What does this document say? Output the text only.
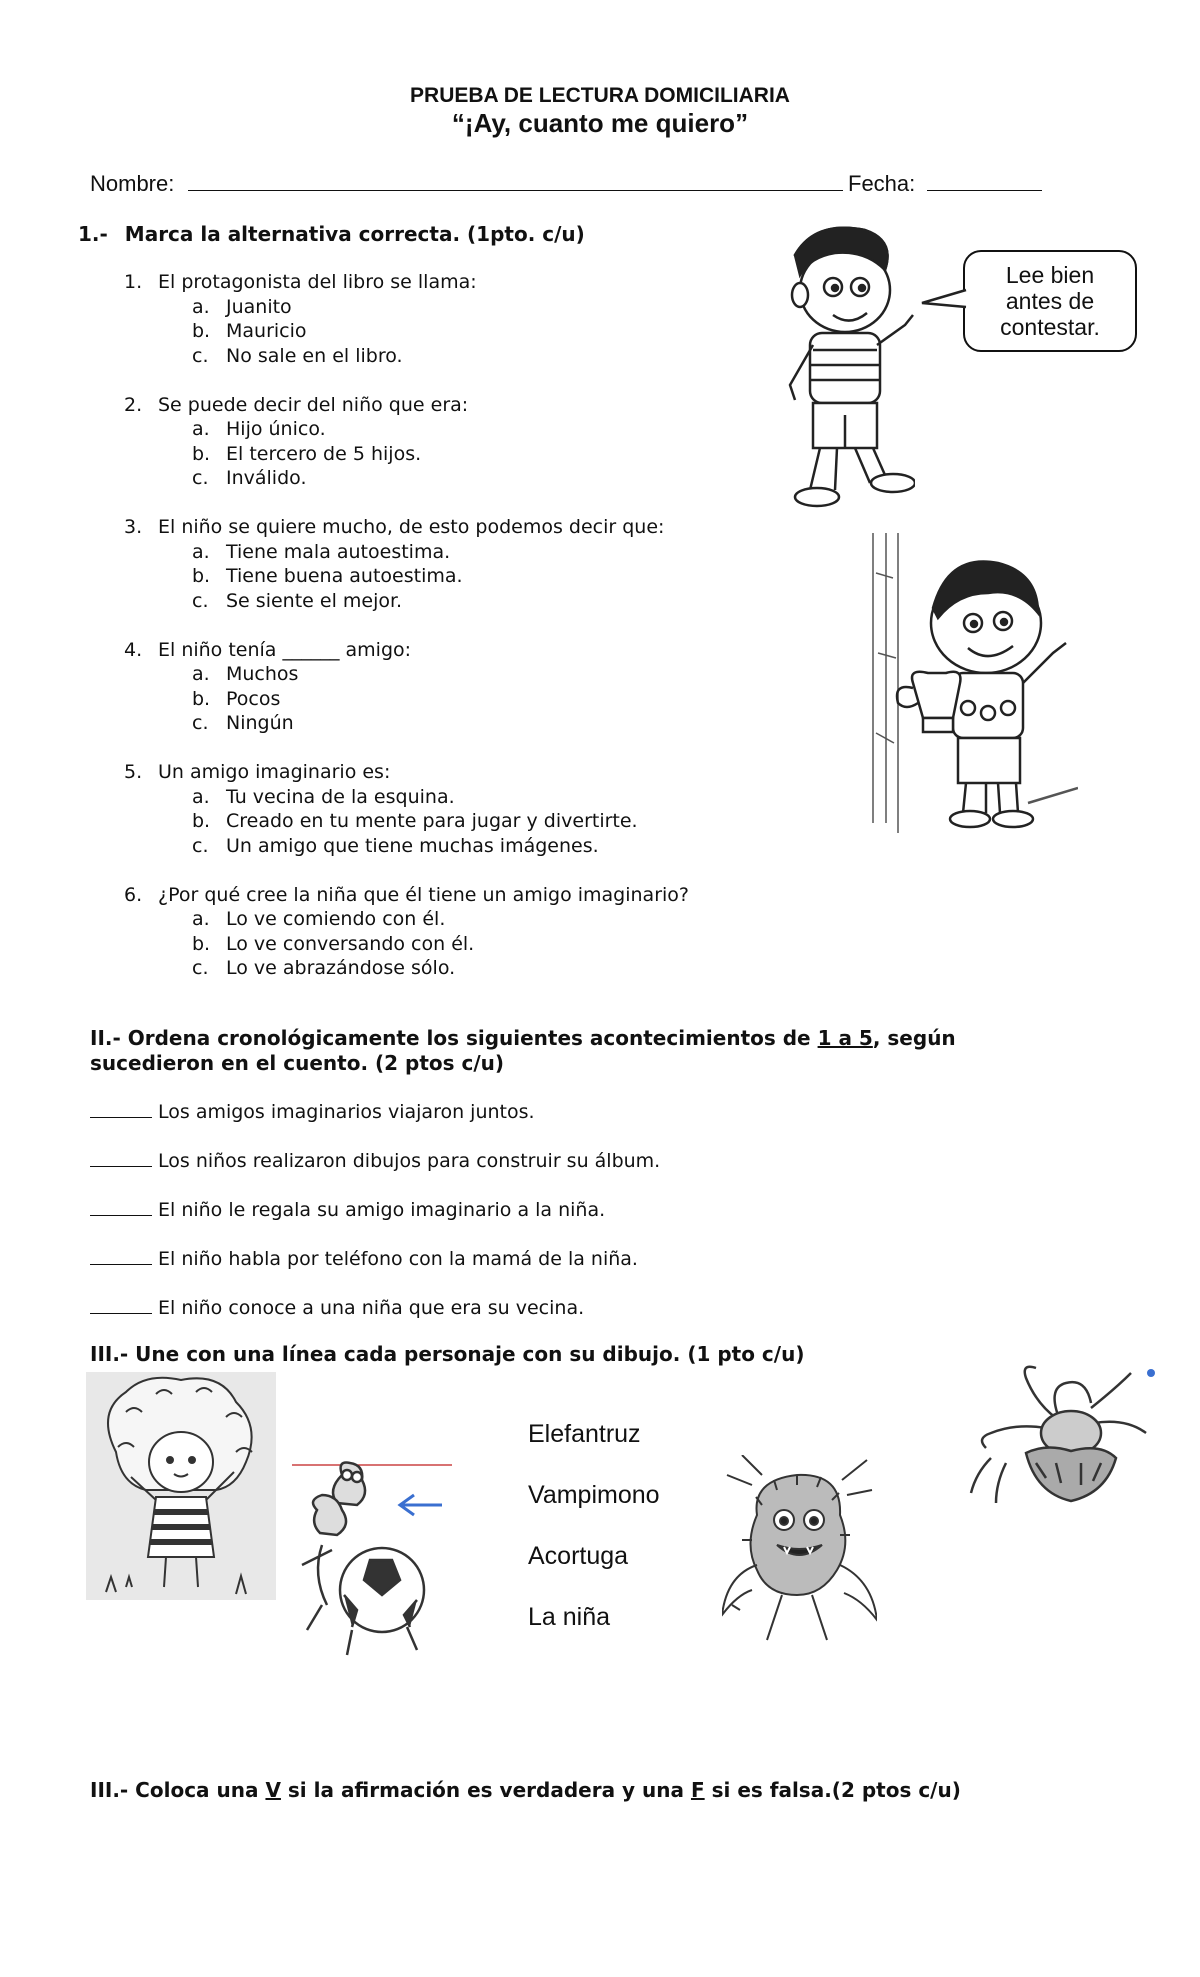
PRUEBA DE LECTURA DOMICILIARIA
“¡Ay, cuanto me quiero”
Nombre:	Fecha:
1.- Marca la alternativa correcta. (1pto. c/u)
1. El protagonista del libro se llama:
a. Juanito
b. Mauricio
c. No sale en el libro.
2. Se puede decir del niño que era:
a. Hijo único.
b. El tercero de 5 hijos.
c. Inválido.
3. El niño se quiere mucho, de esto podemos decir que:
a. Tiene mala autoestima.
b. Tiene buena autoestima.
c. Se siente el mejor.
4. El niño tenía ______ amigo:
a. Muchos
b. Pocos
c. Ningún
5. Un amigo imaginario es:
a. Tu vecina de la esquina.
b. Creado en tu mente para jugar y divertirte.
c. Un amigo que tiene muchas imágenes.
6. ¿Por qué cree la niña que él tiene un amigo imaginario?
a. Lo ve comiendo con él.
b. Lo ve conversando con él.
c. Lo ve abrazándose sólo.
Lee bien
antes de
contestar.
II.- Ordena cronológicamente los siguientes acontecimientos de 1 a 5, según
sucedieron en el cuento. (2 ptos c/u)
Los amigos imaginarios viajaron juntos.
Los niños realizaron dibujos para construir su álbum.
El niño le regala su amigo imaginario a la niña.
El niño habla por teléfono con la mamá de la niña.
El niño conoce a una niña que era su vecina.
III.- Une con una línea cada personaje con su dibujo. (1 pto c/u)
Elefantruz
Vampimono
Acortuga
La niña
III.- Coloca una V si la afirmación es verdadera y una F si es falsa.(2 ptos c/u)
